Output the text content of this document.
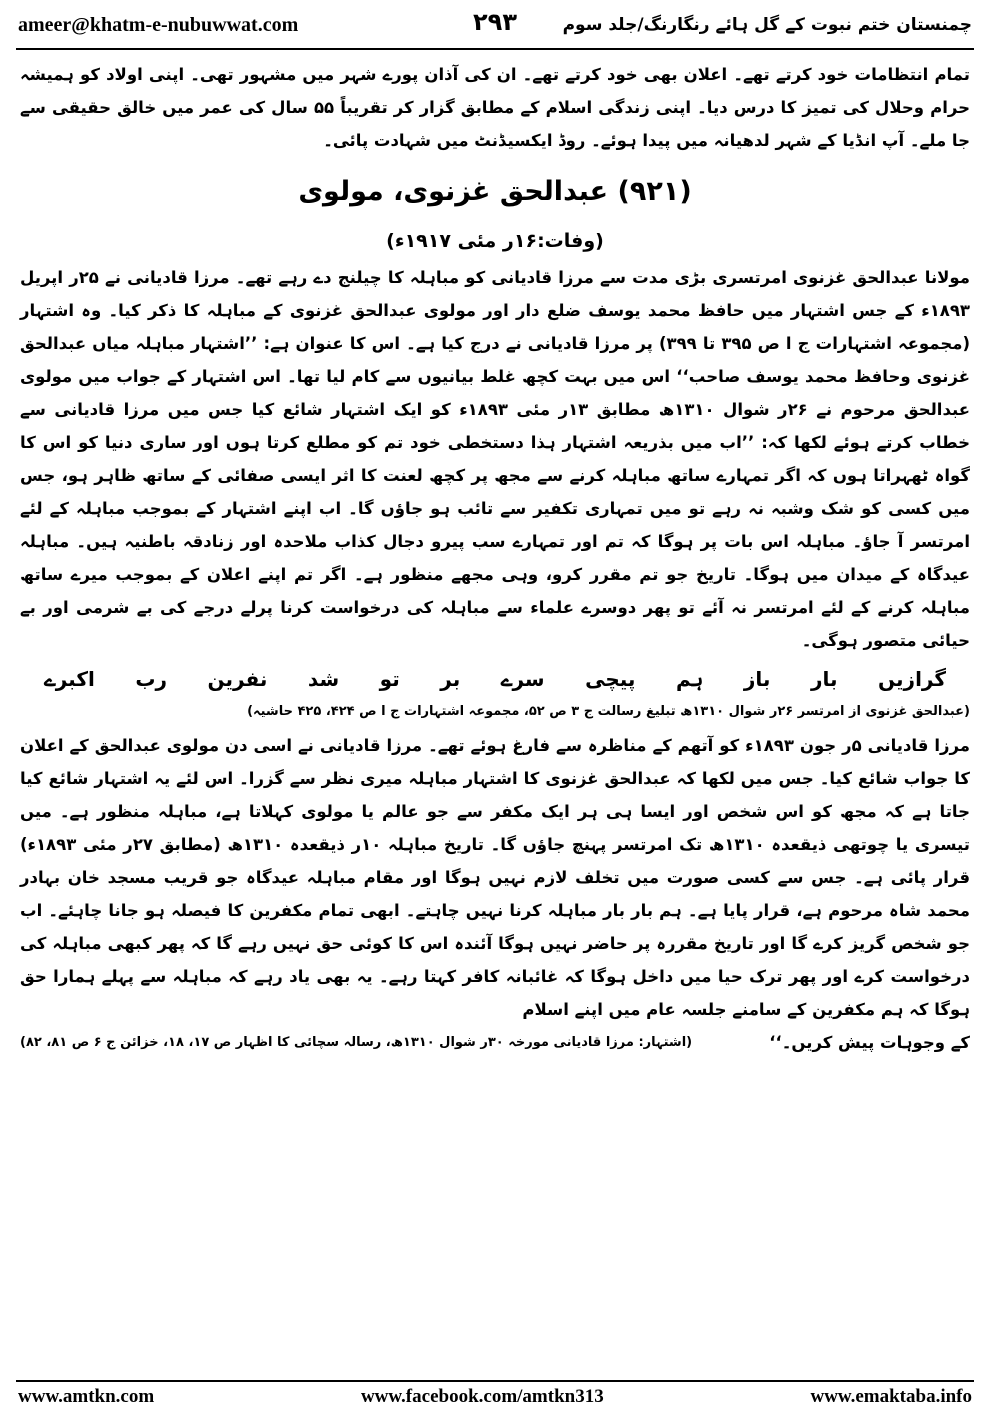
ameer@khatm-e-nubuwwat.com	۲۹۳	چمنستان ختم نبوت کے گل ہائے رنگارنگ/جلد سوم

تمام انتظامات خود کرتے تھے۔ اعلان بھی خود کرتے تھے۔ ان کی آذان پورے شہر میں مشہور تھی۔ اپنی اولاد کو ہمیشہ حرام وحلال کی تمیز کا درس دیا۔ اپنی زندگی اسلام کے مطابق گزار کر تقریباً ۵۵ سال کی عمر میں خالق حقیقی سے جا ملے۔ آپ انڈیا کے شہر لدھیانہ میں پیدا ہوئے۔ روڈ ایکسیڈنٹ میں شہادت پائی۔

(۹۲۱) عبدالحق غزنوی، مولوی
(وفات:۱۶ر مئی ۱۹۱۷ء)

مولانا عبدالحق غزنوی امرتسری بڑی مدت سے مرزا قادیانی کو مباہلہ کا چیلنج دے رہے تھے۔ مرزا قادیانی نے ۲۵ر اپریل ۱۸۹۳ء کے جس اشتہار میں حافظ محمد یوسف ضلع دار اور مولوی عبدالحق غزنوی کے مباہلہ کا ذکر کیا۔ وہ اشتہار (مجموعہ اشتہارات ج ا ص ۳۹۵ تا ۳۹۹) پر مرزا قادیانی نے درج کیا ہے۔ اس کا عنوان ہے: ’’اشتہار مباہلہ میاں عبدالحق غزنوی وحافظ محمد یوسف صاحب‘‘ اس میں بہت کچھ غلط بیانیوں سے کام لیا تھا۔ اس اشتہار کے جواب میں مولوی عبدالحق مرحوم نے ۲۶ر شوال ۱۳۱۰ھ مطابق ۱۳ر مئی ۱۸۹۳ء کو ایک اشتہار شائع کیا جس میں مرزا قادیانی سے خطاب کرتے ہوئے لکھا کہ: ’’اب میں بذریعہ اشتہار ہذا دستخطی خود تم کو مطلع کرتا ہوں اور ساری دنیا کو اس کا گواہ ٹھہراتا ہوں کہ اگر تمہارے ساتھ مباہلہ کرنے سے مجھ پر کچھ لعنت کا اثر ایسی صفائی کے ساتھ ظاہر ہو، جس میں کسی کو شک وشبہ نہ رہے تو میں تمہاری تکفیر سے تائب ہو جاؤں گا۔ اب اپنے اشتہار کے بموجب مباہلہ کے لئے امرتسر آ جاؤ۔ مباہلہ اس بات پر ہوگا کہ تم اور تمہارے سب پیرو دجال کذاب ملاحدہ اور زنادقہ باطنیہ ہیں۔ مباہلہ عیدگاہ کے میدان میں ہوگا۔ تاریخ جو تم مقرر کرو، وہی مجھے منظور ہے۔ اگر تم اپنے اعلان کے بموجب میرے ساتھ مباہلہ کرنے کے لئے امرتسر نہ آئے تو پھر دوسرے علماء سے مباہلہ کی درخواست کرنا پرلے درجے کی بے شرمی اور بے حیائی متصور ہوگی۔

گرازیں
بار
باز
ہم
پیچی
سرے
بر
تو
شد
نفرین
رب
اکبرے
(عبدالحق غزنوی از امرتسر ۲۶ر شوال ۱۳۱۰ھ تبلیغ رسالت ج ۳ ص ۵۲، مجموعہ اشتہارات ج ا ص ۴۲۴، ۴۲۵ حاشیہ)

مرزا قادیانی ۵ر جون ۱۸۹۳ء کو آتھم کے مناظرہ سے فارغ ہوئے تھے۔ مرزا قادیانی نے اسی دن مولوی عبدالحق کے اعلان کا جواب شائع کیا۔ جس میں لکھا کہ عبدالحق غزنوی کا اشتہار مباہلہ میری نظر سے گزرا۔ اس لئے یہ اشتہار شائع کیا جاتا ہے کہ مجھ کو اس شخص اور ایسا ہی ہر ایک مکفر سے جو عالم یا مولوی کہلاتا ہے، مباہلہ منظور ہے۔ میں تیسری یا چوتھی ذیقعدہ ۱۳۱۰ھ تک امرتسر پہنچ جاؤں گا۔ تاریخ مباہلہ ۱۰ر ذیقعدہ ۱۳۱۰ھ (مطابق ۲۷ر مئی ۱۸۹۳ء) قرار پائی ہے۔ جس سے کسی صورت میں تخلف لازم نہیں ہوگا اور مقام مباہلہ عیدگاہ جو قریب مسجد خان بہادر محمد شاہ مرحوم ہے، قرار پایا ہے۔ ہم بار بار مباہلہ کرنا نہیں چاہتے۔ ابھی تمام مکفرین کا فیصلہ ہو جانا چاہئے۔ اب جو شخص گریز کرے گا اور تاریخ مقررہ پر حاضر نہیں ہوگا آئندہ اس کا کوئی حق نہیں رہے گا کہ پھر کبھی مباہلہ کی درخواست کرے اور پھر ترک حیا میں داخل ہوگا کہ غائبانہ کافر کہتا رہے۔ یہ بھی یاد رہے کہ مباہلہ سے پہلے ہمارا حق ہوگا کہ ہم مکفرین کے سامنے جلسہ عام میں اپنے اسلام

کے وجوہات پیش کریں۔‘‘
(اشتہار: مرزا قادیانی مورخہ ۳۰ر شوال ۱۳۱۰ھ، رسالہ سچائی کا اظہار ص ۱۷، ۱۸، خزائن ج ۶ ص ۸۱، ۸۲)
www.amtkn.com	www.facebook.com/amtkn313	www.emaktaba.info
